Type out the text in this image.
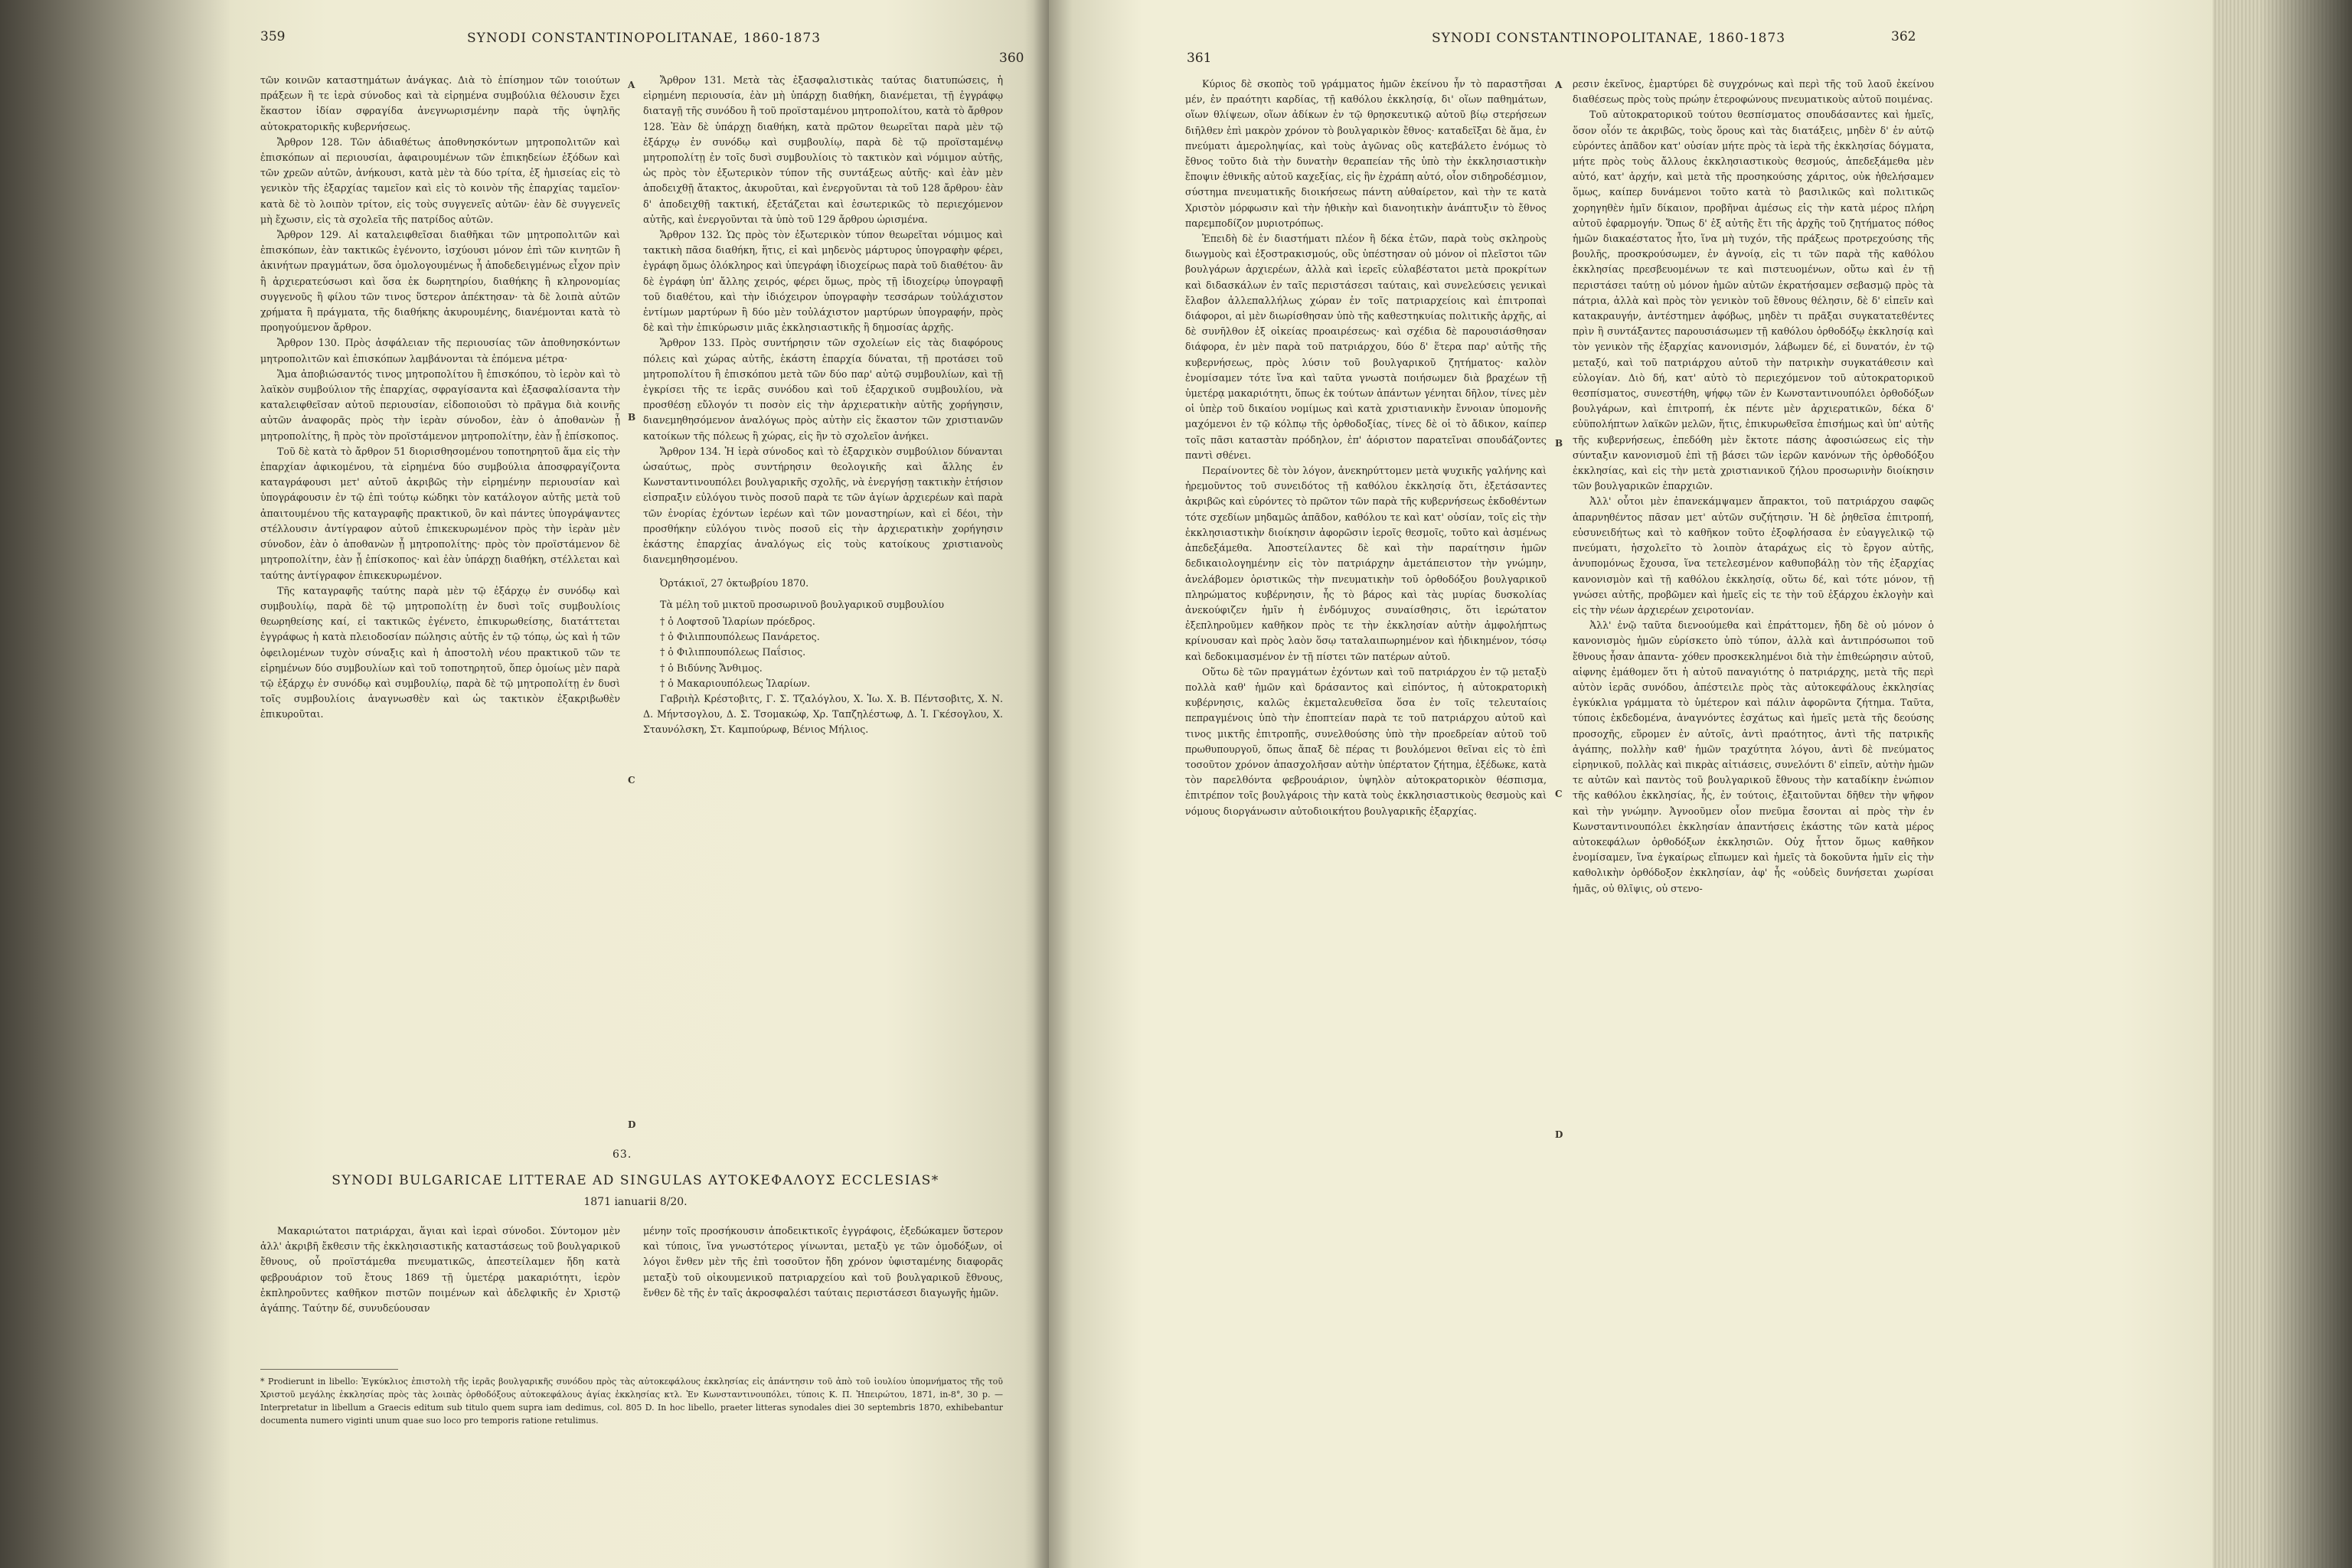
359	SYNODI CONSTANTINOPOLITANAE, 1860-1873
360

τῶν κοινῶν καταστημάτων ἀνάγκας. Διὰ τὸ ἐπίσημον τῶν τοιούτων πράξεων ἢ τε ἱερὰ σύνοδος καὶ τὰ εἰρημένα συμβούλια θέλουσιν ἔχει ἕκαστον ἰδίαν σφραγίδα ἀνεγνωρισμένην παρὰ τῆς ὑψηλῆς αὐτοκρατορικῆς κυβερνήσεως.

Ἄρθρον 128. Τῶν ἀδιαθέτως ἀποθνησκόντων μητροπολιτῶν καὶ ἐπισκόπων αἱ περιουσίαι, ἀφαιρουμένων τῶν ἐπικηδείων ἐξόδων καὶ τῶν χρεῶν αὐτῶν, ἀνήκουσι, κατὰ μὲν τὰ δύο τρίτα, ἐξ ἡμισείας εἰς τὸ γενικὸν τῆς ἐξαρχίας ταμεῖον καὶ εἰς τὸ κοινὸν τῆς ἐπαρχίας ταμεῖον· κατὰ δὲ τὸ λοιπὸν τρίτον, εἰς τοὺς συγγενεῖς αὐτῶν· ἐὰν δὲ συγγενεῖς μὴ ἔχωσιν, εἰς τὰ σχολεῖα τῆς πατρίδος αὐτῶν.

Ἄρθρον 129. Αἱ καταλειφθεῖσαι διαθῆκαι τῶν μητροπολιτῶν καὶ ἐπισκόπων, ἐὰν τακτικῶς ἐγένοντο, ἰσχύουσι μόνον ἐπὶ τῶν κινητῶν ἢ ἀκινήτων πραγμάτων, ὅσα ὁμολογουμένως ἦ ἀποδεδειγμένως εἶχον πρὶν ἢ ἀρχιερατεύσωσι καὶ ὅσα ἐκ δωρητηρίου, διαθήκης ἢ κληρονομίας συγγενοῦς ἢ φίλου τῶν τινος ὕστερον ἀπέκτησαν· τὰ δὲ λοιπὰ αὐτῶν χρήματα ἢ πράγματα, τῆς διαθήκης ἀκυρουμένης, διανέμονται κατὰ τὸ προηγούμενον ἄρθρον.

Ἄρθρον 130. Πρὸς ἀσφάλειαν τῆς περιουσίας τῶν ἀποθνησκόντων μητροπολιτῶν καὶ ἐπισκόπων λαμβάνονται τὰ ἑπόμενα μέτρα·

Ἅμα ἀποβιώσαντός τινος μητροπολίτου ἢ ἐπισκόπου, τὸ ἱερὸν καὶ τὸ λαϊκὸν συμβούλιον τῆς ἐπαρχίας, σφραγίσαντα καὶ ἐξασφαλίσαντα τὴν καταλειφθεῖσαν αὐτοῦ περιουσίαν, εἰδοποιοῦσι τὸ πρᾶγμα διὰ κοινῆς αὐτῶν ἀναφορᾶς πρὸς τὴν ἱερὰν σύνοδον, ἐὰν ὁ ἀποθανὼν ᾖ μητροπολίτης, ἢ πρὸς τὸν προϊστάμενον μητροπολίτην, ἐὰν ᾖ ἐπίσκοπος.

Τοῦ δὲ κατὰ τὸ ἄρθρον 51 διορισθησομένου τοποτηρητοῦ ἅμα εἰς τὴν ἐπαρχίαν ἀφικομένου, τὰ εἰρημένα δύο συμβούλια ἀποσφραγίζοντα καταγράφουσι μετ' αὐτοῦ ἀκριβῶς τὴν εἰρημένην περιουσίαν καὶ ὑπογράφουσιν ἐν τῷ ἐπὶ τούτῳ κώδηκι τὸν κατάλογον αὐτῆς μετὰ τοῦ ἀπαιτουμένου τῆς καταγραφῆς πρακτικοῦ, ὃν καὶ πάντες ὑπογράψαντες στέλλουσιν ἀντίγραφον αὐτοῦ ἐπικεκυρωμένον πρὸς τὴν ἱερὰν μὲν σύνοδον, ἐὰν ὁ ἀποθανὼν ᾖ μητροπολίτης· πρὸς τὸν προϊστάμενον δὲ μητροπολίτην, ἐὰν ᾖ ἐπίσκοπος· καὶ ἐὰν ὑπάρχῃ διαθήκη, στέλλεται καὶ ταύτης ἀντίγραφον ἐπικεκυρωμένον.

Τῆς καταγραφῆς ταύτης παρὰ μὲν τῷ ἐξάρχῳ ἐν συνόδῳ καὶ συμβουλίῳ, παρὰ δὲ τῷ μητροπολίτῃ ἐν δυσὶ τοῖς συμβουλίοις θεωρηθείσης καί, εἰ τακτικῶς ἐγένετο, ἐπικυρωθείσης, διατάττεται ἐγγράφως ἡ κατὰ πλειοδοσίαν πώλησις αὐτῆς ἐν τῷ τόπῳ, ὡς καὶ ἡ τῶν ὀφειλομένων τυχὸν σύναξις καὶ ἡ ἀποστολὴ νέου πρακτικοῦ τῶν τε εἰρημένων δύο συμβουλίων καὶ τοῦ τοποτηρητοῦ, ὅπερ ὁμοίως μὲν παρὰ τῷ ἐξάρχῳ ἐν συνόδῳ καὶ συμβουλίῳ, παρὰ δὲ τῷ μητροπολίτῃ ἐν δυσὶ τοῖς συμβουλίοις ἀναγνωσθὲν καὶ ὡς τακτικὸν ἐξακριβωθὲν ἐπικυροῦται.

A
B
C
D

Ἄρθρον 131. Μετὰ τὰς ἐξασφαλιστικὰς ταύτας διατυπώσεις, ἡ εἰρημένη περιουσία, ἐὰν μὴ ὑπάρχῃ διαθήκη, διανέμεται, τῇ ἐγγράφῳ διαταγῇ τῆς συνόδου ἢ τοῦ προϊσταμένου μητροπολίτου, κατὰ τὸ ἄρθρον 128. Ἐὰν δὲ ὑπάρχῃ διαθήκη, κατὰ πρῶτον θεωρεῖται παρὰ μὲν τῷ ἐξάρχῳ ἐν συνόδῳ καὶ συμβουλίῳ, παρὰ δὲ τῷ προϊσταμένῳ μητροπολίτῃ ἐν τοῖς δυσὶ συμβουλίοις τὸ τακτικὸν καὶ νόμιμον αὐτῆς, ὡς πρὸς τὸν ἐξωτερικὸν τύπον τῆς συντάξεως αὐτῆς· καὶ ἐὰν μὲν ἀποδειχθῇ ἄτακτος, ἀκυροῦται, καὶ ἐνεργοῦνται τὰ τοῦ 128 ἄρθρου· ἐὰν δ' ἀποδειχθῇ τακτική, ἐξετάζεται καὶ ἐσωτερικῶς τὸ περιεχόμενον αὐτῆς, καὶ ἐνεργοῦνται τὰ ὑπὸ τοῦ 129 ἄρθρου ὡρισμένα.

Ἄρθρον 132. Ὡς πρὸς τὸν ἐξωτερικὸν τύπον θεωρεῖται νόμιμος καὶ τακτικὴ πᾶσα διαθήκη, ἥτις, εἰ καὶ μηδενὸς μάρτυρος ὑπογραφὴν φέρει, ἐγράφη ὅμως ὁλόκληρος καὶ ὑπεγράφη ἰδιοχείρως παρὰ τοῦ διαθέτου· ἂν δὲ ἐγράφη ὑπ' ἄλλης χειρός, φέρει ὅμως, πρὸς τῇ ἰδιοχείρῳ ὑπογραφῇ τοῦ διαθέτου, καὶ τὴν ἰδιόχειρον ὑπογραφὴν τεσσάρων τοὐλάχιστον ἐντίμων μαρτύρων ἢ δύο μὲν τοὐλάχιστον μαρτύρων ὑπογραφήν, πρὸς δὲ καὶ τὴν ἐπικύρωσιν μιᾶς ἐκκλησιαστικῆς ἢ δημοσίας ἀρχῆς.

Ἄρθρον 133. Πρὸς συντήρησιν τῶν σχολείων εἰς τὰς διαφόρους πόλεις καὶ χώρας αὐτῆς, ἑκάστη ἐπαρχία δύναται, τῇ προτάσει τοῦ μητροπολίτου ἢ ἐπισκόπου μετὰ τῶν δύο παρ' αὐτῷ συμβουλίων, καὶ τῇ ἐγκρίσει τῆς τε ἱερᾶς συνόδου καὶ τοῦ ἐξαρχικοῦ συμβουλίου, νὰ προσθέσῃ εὔλογόν τι ποσὸν εἰς τὴν ἀρχιερατικὴν αὐτῆς χορήγησιν, διανεμηθησόμενον ἀναλόγως πρὸς αὐτὴν εἰς ἕκαστον τῶν χριστιανῶν κατοίκων τῆς πόλεως ἢ χώρας, εἰς ἣν τὸ σχολεῖον ἀνήκει.

Ἄρθρον 134. Ἡ ἱερὰ σύνοδος καὶ τὸ ἐξαρχικὸν συμβούλιον δύνανται ὡσαύτως, πρὸς συντήρησιν θεολογικῆς καὶ ἄλλης ἐν Κωνσταντινουπόλει βουλγαρικῆς σχολῆς, νὰ ἐνεργήσῃ τακτικὴν ἐτήσιον εἰσπραξιν εὐλόγου τινὸς ποσοῦ παρὰ τε τῶν ἁγίων ἀρχιερέων καὶ παρὰ τῶν ἐνορίας ἐχόντων ἱερέων καὶ τῶν μοναστηρίων, καὶ εἰ δέοι, τὴν προσθήκην εὐλόγου τινὸς ποσοῦ εἰς τὴν ἀρχιερατικὴν χορήγησιν ἑκάστης ἐπαρχίας ἀναλόγως εἰς τοὺς κατοίκους χριστιανοὺς διανεμηθησομένου.

Ὀρτάκιοϊ, 27 ὀκτωβρίου 1870.

Τὰ μέλη τοῦ μικτοῦ προσωρινοῦ βουλγαρικοῦ συμβουλίου

† ὁ Λοφτσοῦ Ἱλαρίων πρόεδρος.
† ὁ Φιλιππουπόλεως Πανάρετος.
† ὁ Φιλιππουπόλεως Παΐσιος.
† ὁ Βιδύνης Ἄνθιμος.
† ὁ Μακαριουπόλεως Ἱλαρίων.

Γαβριὴλ Κρέστοβιτς, Γ. Σ. Τζαλόγλου, Χ. Ἰω. Χ. Β. Πέντσοβιτς, Χ. Ν. Δ. Μήντσογλου, Δ. Σ. Τσομακώφ, Χρ. Ταπζηλέστωφ, Δ. Ἰ. Γκέσογλου, Χ. Σταυνόλσκη, Στ. Καμπούρωφ, Βένιος Μήλιος.

63.
SYNODI BULGARICAE LITTERAE AD SINGULAS AYTOKEΦAΛOYΣ ECCLESIAS*
1871 ianuarii 8/20.

Μακαριώτατοι πατριάρχαι, ἅγιαι καὶ ἱεραὶ σύνοδοι. Σύντομον μὲν ἀλλ' ἀκριβῆ ἔκθεσιν τῆς ἐκκλησιαστικῆς καταστάσεως τοῦ βουλγαρικοῦ ἔθνους, οὗ προϊστάμεθα πνευματικῶς, ἀπεστείλαμεν ἤδη κατὰ φεβρουάριον τοῦ ἔτους 1869 τῇ ὑμετέρᾳ μακαριότητι, ἱερὸν ἐκπληροῦντες καθῆκον πιστῶν ποιμένων καὶ ἀδελφικῆς ἐν Χριστῷ ἀγάπης. Ταύτην δέ, συνυδεύουσαν

μένην τοῖς προσήκουσιν ἀποδεικτικοῖς ἐγγράφοις, ἐξεδώκαμεν ὕστερον καὶ τύποις, ἵνα γνωστότερος γίνωνται, μεταξὺ γε τῶν ὁμοδόξων, οἱ λόγοι ἕνθεν μὲν τῆς ἐπὶ τοσοῦτον ἤδη χρόνον ὑφισταμένης διαφορᾶς μεταξὺ τοῦ οἰκουμενικοῦ πατριαρχείου καὶ τοῦ βουλγαρικοῦ ἔθνους, ἔνθεν δὲ τῆς ἐν ταῖς ἀκροσφαλέσι ταύταις περιστάσεσι διαγωγῆς ἡμῶν.

* Prodierunt in libello: Ἐγκύκλιος ἐπιστολὴ τῆς ἱερᾶς βουλγαρικῆς συνόδου πρὸς τὰς αὐτοκεφάλους ἐκκλησίας εἰς ἀπάντησιν τοῦ ἀπὸ τοῦ ἰουλίου ὑπομνήματος τῆς τοῦ Χριστοῦ μεγάλης ἐκκλησίας πρὸς τὰς λοιπὰς ὀρθοδόξους αὐτοκεφάλους ἁγίας ἐκκλησίας κτλ. Ἐν Κωνσταντινουπόλει, τύποις Κ. Π. Ἠπειρώτου, 1871, in-8°, 30 p. — Interpretatur in libellum a Graecis editum sub titulo quem supra iam dedimus, col. 805 D. In hoc libello, praeter litteras synodales diei 30 septembris 1870, exhibebantur documenta numero viginti unum quae suo loco pro temporis ratione retulimus.
361
SYNODI CONSTANTINOPOLITANAE, 1860-1873	362

Κύριος δὲ σκοπὸς τοῦ γράμματος ἡμῶν ἐκείνου ἦν τὸ παραστῆσαι μέν, ἐν πραότητι καρδίας, τῇ καθόλου ἐκκλησίᾳ, δι' οἵων παθημάτων, οἵων θλίψεων, οἵων ἀδίκων ἐν τῷ θρησκευτικῷ αὐτοῦ βίῳ στερήσεων διῆλθεν ἐπὶ μακρὸν χρόνον τὸ βουλγαρικὸν ἔθνος· καταδεῖξαι δὲ ἅμα, ἐν πνεύματι ἀμεροληψίας, καὶ τοὺς ἀγῶνας οὓς κατεβάλετο ἐνόμως τὸ ἔθνος τοῦτο διὰ τὴν δυνατὴν θεραπείαν τῆς ὑπὸ τὴν ἐκκλησιαστικὴν ἔποψιν ἐθνικῆς αὐτοῦ καχεξίας, εἰς ἣν ἐχράπη αὐτό, οἷον σιδηροδέσμιον, σύστημα πνευματικῆς διοικήσεως πάντη αὐθαίρετον, καὶ τὴν τε κατὰ Χριστὸν μόρφωσιν καὶ τὴν ἠθικὴν καὶ διανοητικὴν ἀνάπτυξιν τὸ ἔθνος παρεμποδίζον μυριοτρόπως.

Ἐπειδὴ δὲ ἐν διαστήματι πλέον ἢ δέκα ἐτῶν, παρὰ τοὺς σκληροὺς διωγμοὺς καὶ ἐξοστρακισμούς, οὓς ὑπέστησαν οὐ μόνον οἱ πλεῖστοι τῶν βουλγάρων ἀρχιερέων, ἀλλὰ καὶ ἱερεῖς εὐλαβέστατοι μετὰ προκρίτων καὶ διδασκάλων ἐν ταῖς περιστάσεσι ταύταις, καὶ συνελεύσεις γενικαὶ ἔλαβον ἀλλεπαλλήλως χώραν ἐν τοῖς πατριαρχείοις καὶ ἐπιτροπαὶ διάφοροι, αἱ μὲν διωρίσθησαν ὑπὸ τῆς καθεστηκυίας πολιτικῆς ἀρχῆς, αἱ δὲ συνῆλθον ἐξ οἰκείας προαιρέσεως· καὶ σχέδια δὲ παρουσιάσθησαν διάφορα, ἐν μὲν παρὰ τοῦ πατριάρχου, δύο δ' ἕτερα παρ' αὐτῆς τῆς κυβερνήσεως, πρὸς λύσιν τοῦ βουλγαρικοῦ ζητήματος· καλὸν ἐνομίσαμεν τότε ἵνα καὶ ταῦτα γνωστὰ ποιήσωμεν διὰ βραχέων τῇ ὑμετέρᾳ μακαριότητι, ὅπως ἐκ τούτων ἁπάντων γένηται δῆλον, τίνες μὲν οἱ ὑπὲρ τοῦ δικαίου νομίμως καὶ κατὰ χριστιανικὴν ἔννοιαν ὑπομονῆς μαχόμενοι ἐν τῷ κόλπῳ τῆς ὀρθοδοξίας, τίνες δὲ οἱ τὸ ἄδικον, καίπερ τοῖς πᾶσι καταστὰν πρόδηλον, ἐπ' ἀόριστον παρατεῖναι σπουδάζοντες παντὶ σθένει.

Περαίνοντες δὲ τὸν λόγον, ἀνεκηρύττομεν μετὰ ψυχικῆς γαλήνης καὶ ἠρεμοῦντος τοῦ συνειδότος τῇ καθόλου ἐκκλησίᾳ ὅτι, ἐξετάσαντες ἀκριβῶς καὶ εὑρόντες τὸ πρῶτον τῶν παρὰ τῆς κυβερνήσεως ἐκδοθέντων τότε σχεδίων μηδαμῶς ἀπᾶδον, καθόλου τε καὶ κατ' οὐσίαν, τοῖς εἰς τὴν ἐκκλησιαστικὴν διοίκησιν ἀφορῶσιν ἱεροῖς θεσμοῖς, τοῦτο καὶ ἀσμένως ἀπεδεξάμεθα. Ἀποστείλαντες δὲ καὶ τὴν παραίτησιν ἡμῶν δεδικαιολογημένην εἰς τὸν πατριάρχην ἀμετάπειστον τὴν γνώμην, ἀνελάβομεν ὁριστικῶς τὴν πνευματικὴν τοῦ ὀρθοδόξου βουλγαρικοῦ πληρώματος κυβέρνησιν, ἧς τὸ βάρος καὶ τὰς μυρίας δυσκολίας ἀνεκούφιζεν ἡμῖν ἡ ἐνδόμυχος συναίσθησις, ὅτι ἱερώτατον ἐξεπληροῦμεν καθῆκον πρὸς τε τὴν ἐκκλησίαν αὐτὴν ἀμφολήπτως κρίνουσαν καὶ πρὸς λαὸν ὅσῳ ταταλαιπωρημένον καὶ ἠδικημένον, τόσῳ καὶ δεδοκιμασμένον ἐν τῇ πίστει τῶν πατέρων αὐτοῦ.

Οὕτω δὲ τῶν πραγμάτων ἐχόντων καὶ τοῦ πατριάρχου ἐν τῷ μεταξὺ πολλὰ καθ' ἡμῶν καὶ δράσαντος καὶ εἰπόντος, ἡ αὐτοκρατορικὴ κυβέρνησις, καλῶς ἐκμεταλευθεῖσα ὅσα ἐν τοῖς τελευταίοις πεπραγμένοις ὑπὸ τὴν ἐποπτείαν παρὰ τε τοῦ πατριάρχου αὐτοῦ καὶ τινος μικτῆς ἐπιτροπῆς, συνελθούσης ὑπὸ τὴν προεδρείαν αὐτοῦ τοῦ πρωθυπουργοῦ, ὅπως ἅπαξ δὲ πέρας τι βουλόμενοι θεῖναι εἰς τὸ ἐπὶ τοσοῦτον χρόνον ἀπασχολῆσαν αὐτὴν ὑπέρτατον ζήτημα, ἐξέδωκε, κατὰ τὸν παρελθόντα φεβρουάριον, ὑψηλὸν αὐτοκρατορικὸν θέσπισμα, ἐπιτρέπον τοῖς βουλγάροις τὴν κατὰ τοὺς ἐκκλησιαστικοὺς θεσμοὺς καὶ νόμους διοργάνωσιν αὐτοδιοικήτου βουλγαρικῆς ἐξαρχίας.

A
B
C
D

ρεσιν ἐκεῖνος, ἐμαρτύρει δὲ συγχρόνως καὶ περὶ τῆς τοῦ λαοῦ ἐκείνου διαθέσεως πρὸς τοὺς πρώην ἑτεροφώνους πνευματικοὺς αὐτοῦ ποιμένας.

Τοῦ αὐτοκρατορικοῦ τούτου θεσπίσματος σπουδάσαντες καὶ ἡμεῖς, ὅσον οἷόν τε ἀκριβῶς, τοὺς ὅρους καὶ τὰς διατάξεις, μηδὲν δ' ἐν αὐτῷ εὑρόντες ἀπᾶδον κατ' οὐσίαν μήτε πρὸς τὰ ἱερὰ τῆς ἐκκλησίας δόγματα, μήτε πρὸς τοὺς ἄλλους ἐκκλησιαστικοὺς θεσμούς, ἀπεδεξάμεθα μὲν αὐτό, κατ' ἀρχήν, καὶ μετὰ τῆς προσηκούσης χάριτος, οὐκ ἠθελήσαμεν ὅμως, καίπερ δυνάμενοι τοῦτο κατὰ τὸ βασιλικῶς καὶ πολιτικῶς χορηγηθὲν ἡμῖν δίκαιον, προβῆναι ἀμέσως εἰς τὴν κατὰ μέρος πλήρη αὐτοῦ ἐφαρμογήν. Ὅπως δ' ἐξ αὐτῆς ἔτι τῆς ἀρχῆς τοῦ ζητήματος πόθος ἡμῶν διακαέστατος ἦτο, ἵνα μὴ τυχόν, τῆς πράξεως προτρεχούσης τῆς βουλῆς, προσκρούσωμεν, ἐν ἀγνοίᾳ, εἰς τι τῶν παρὰ τῆς καθόλου ἐκκλησίας πρεσβευομένων τε καὶ πιστευομένων, οὕτω καὶ ἐν τῇ περιστάσει ταύτῃ οὐ μόνον ἡμῶν αὐτῶν ἐκρατήσαμεν σεβασμῷ πρὸς τὰ πάτρια, ἀλλὰ καὶ πρὸς τὸν γενικὸν τοῦ ἔθνους θέλησιν, δὲ δ' εἰπεῖν καὶ κατακραυγήν, ἀντέστημεν ἀφόβως, μηδὲν τι πρᾶξαι συγκατατεθέντες πρὶν ἢ συντάξαντες παρουσιάσωμεν τῇ καθόλου ὀρθοδόξῳ ἐκκλησίᾳ καὶ τὸν γενικὸν τῆς ἐξαρχίας κανονισμόν, λάβωμεν δέ, εἰ δυνατόν, ἐν τῷ μεταξύ, καὶ τοῦ πατριάρχου αὐτοῦ τὴν πατρικὴν συγκατάθεσιν καὶ εὐλογίαν. Διὸ δή, κατ' αὐτὸ τὸ περιεχόμενον τοῦ αὐτοκρατορικοῦ θεσπίσματος, συνεστήθη, ψήφῳ τῶν ἐν Κωνσταντινουπόλει ὀρθοδόξων βουλγάρων, καὶ ἐπιτροπή, ἐκ πέντε μὲν ἀρχιερατικῶν, δέκα δ' εὐϋπολήπτων λαϊκῶν μελῶν, ἥτις, ἐπικυρωθεῖσα ἐπισήμως καὶ ὑπ' αὐτῆς τῆς κυβερνήσεως, ἐπεδόθη μὲν ἔκτοτε πάσης ἀφοσιώσεως εἰς τὴν σύνταξιν κανονισμοῦ ἐπὶ τῇ βάσει τῶν ἱερῶν κανόνων τῆς ὀρθοδόξου ἐκκλησίας, καὶ εἰς τὴν μετὰ χριστιανικοῦ ζήλου προσωρινὴν διοίκησιν τῶν βουλγαρικῶν ἐπαρχιῶν.

Ἀλλ' οὗτοι μὲν ἐπανεκάμψαμεν ἄπρακτοι, τοῦ πατριάρχου σαφῶς ἀπαρνηθέντος πᾶσαν μετ' αὐτῶν συζήτησιν. Ἡ δὲ ῥηθεῖσα ἐπιτροπή, εὐσυνειδήτως καὶ τὸ καθῆκον τοῦτο ἐξοφλήσασα ἐν εὐαγγελικῷ τῷ πνεύματι, ἠσχολεῖτο τὸ λοιπὸν ἀταράχως εἰς τὸ ἔργον αὐτῆς, ἀνυπομόνως ἔχουσα, ἵνα τετελεσμένον καθυποβάλῃ τὸν τῆς ἐξαρχίας κανονισμὸν καὶ τῇ καθόλου ἐκκλησίᾳ, οὕτω δέ, καὶ τότε μόνον, τῇ γνώσει αὐτῆς, προβῶμεν καὶ ἡμεῖς εἰς τε τὴν τοῦ ἐξάρχου ἐκλογὴν καὶ εἰς τὴν νέων ἀρχιερέων χειροτονίαν.

Ἀλλ' ἐνῷ ταῦτα διενοούμεθα καὶ ἐπράττομεν, ἤδη δὲ οὐ μόνον ὁ κανονισμὸς ἡμῶν εὑρίσκετο ὑπὸ τύπον, ἀλλὰ καὶ ἀντιπρόσωποι τοῦ ἔθνους ἦσαν ἀπαντα- χόθεν προσκεκλημένοι διὰ τὴν ἐπιθεώρησιν αὐτοῦ, αἰφνης ἐμάθομεν ὅτι ἡ αὐτοῦ παναγιότης ὁ πατριάρχης, μετὰ τῆς περὶ αὐτὸν ἱερᾶς συνόδου, ἀπέστειλε πρὸς τὰς αὐτοκεφάλους ἐκκλησίας ἐγκύκλια γράμματα τὸ ὑμέτερον καὶ πάλιν ἀφορῶντα ζήτημα. Ταῦτα, τύποις ἐκδεδομένα, ἀναγνόντες ἐσχάτως καὶ ἡμεῖς μετὰ τῆς δεούσης προσοχῆς, εὕρομεν ἐν αὐτοῖς, ἀντὶ πραότητος, ἀντὶ τῆς πατρικῆς ἀγάπης, πολλὴν καθ' ἡμῶν τραχύτητα λόγου, ἀντὶ δὲ πνεύματος εἰρηνικοῦ, πολλὰς καὶ πικρὰς αἰτιάσεις, συνελόντι δ' εἰπεῖν, αὐτὴν ἡμῶν τε αὐτῶν καὶ παντὸς τοῦ βουλγαρικοῦ ἔθνους τὴν καταδίκην ἐνώπιον τῆς καθόλου ἐκκλησίας, ἧς, ἐν τούτοις, ἐξαιτοῦνται δῆθεν τὴν ψῆφον καὶ τὴν γνώμην. Ἀγνοοῦμεν οἷον πνεῦμα ἔσονται αἱ πρὸς τὴν ἐν Κωνσταντινουπόλει ἐκκλησίαν ἀπαντήσεις ἑκάστης τῶν κατὰ μέρος αὐτοκεφάλων ὀρθοδόξων ἐκκλησιῶν. Οὐχ ἧττον ὅμως καθῆκον ἐνομίσαμεν, ἵνα ἐγκαίρως εἴπωμεν καὶ ἡμεῖς τὰ δοκοῦντα ἡμῖν εἰς τὴν καθολικὴν ὀρθόδοξον ἐκκλησίαν, ἀφ' ἧς «οὐδεὶς δυνήσεται χωρίσαι ἡμᾶς, οὐ θλῖψις, οὐ στενο-
